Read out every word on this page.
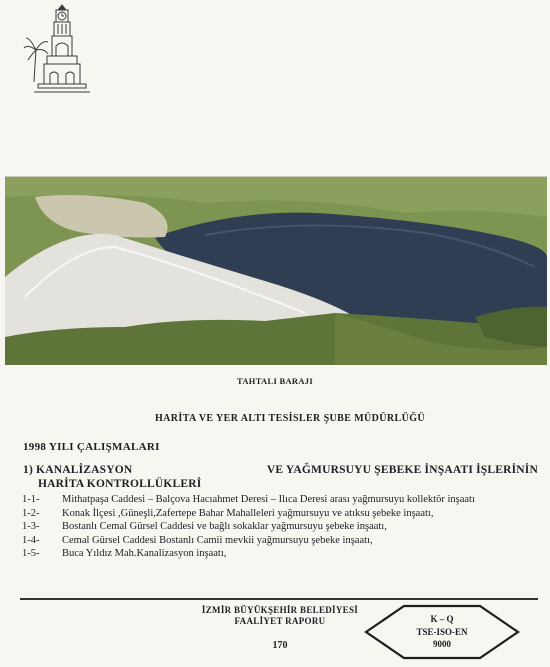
TAHTALI BARAJI
HARİTA VE YER ALTI TESİSLER ŞUBE MÜDÜRLÜĞÜ
1998 YILI ÇALIŞMALARI
1) KANALİZASYON	VE YAĞMURSUYU ŞEBEKE İNŞAATI İŞLERİNİN
HARİTA KONTROLLÜKLERİ
1-1-	Mithatpaşa Caddesi – Balçova Hacıahmet Deresi – Ilıca Deresi arası yağmursuyu kollektör inşaatı
1-2-	Konak İlçesi ,Güneşli,Zafertepe Bahar Mahalleleri yağmursuyu ve atıksu şebeke inşaatı,
1-3-	Bostanlı Cemal Gürsel Caddesi ve bağlı sokaklar yağmursuyu şebeke inşaatı,
1-4-	Cemal Gürsel Caddesi Bostanlı Camii mevkii yağmursuyu şebeke inşaatı,
1-5-	Buca Yıldız Mah.Kanalizasyon inşaatı,
İZMİR BÜYÜKŞEHİR BELEDİYESİ
FAALİYET RAPORU
170
K – Q
TSE-ISO-EN
9000
